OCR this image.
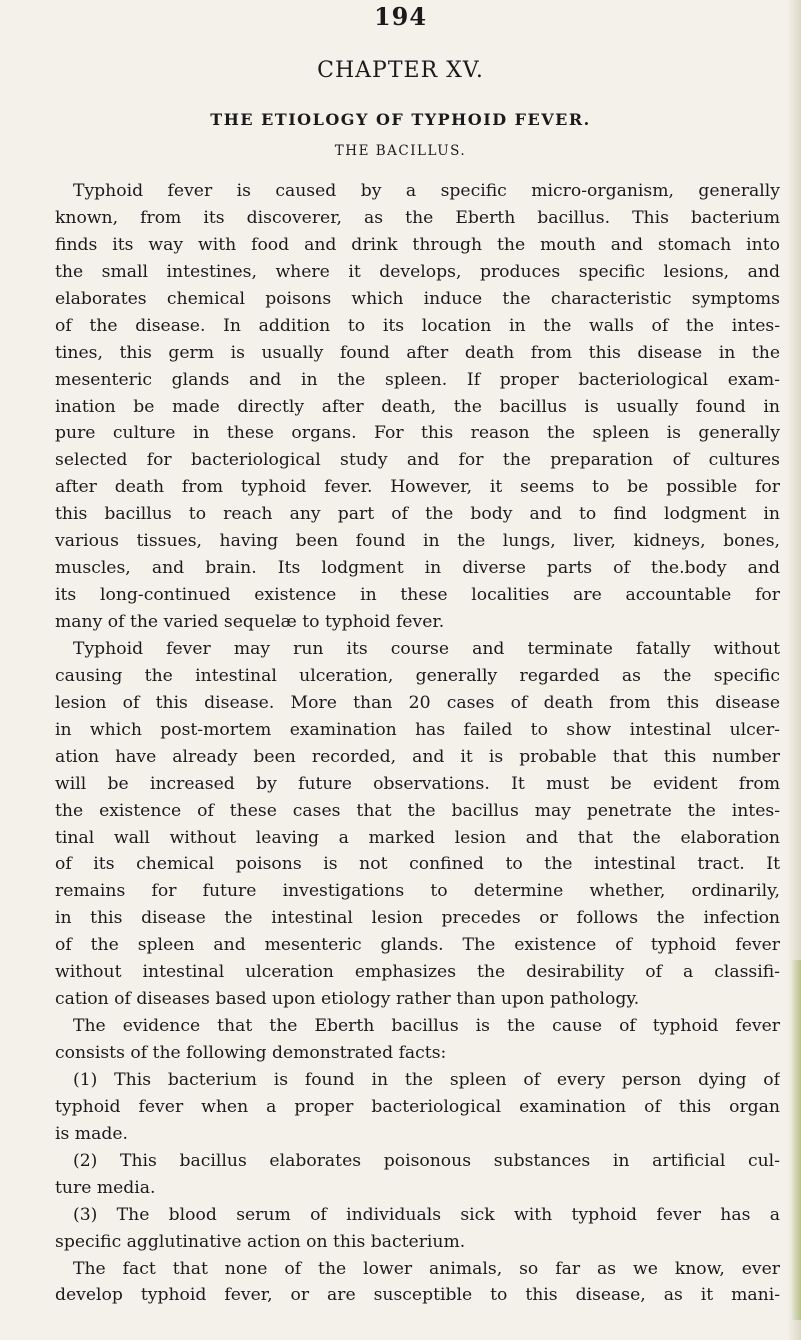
194
CHAPTER XV.
THE ETIOLOGY OF TYPHOID FEVER.
THE BACILLUS.
Typhoid fever is caused by a specific micro-organism, generally
known, from its discoverer, as the Eberth bacillus. This bacterium
finds its way with food and drink through the mouth and stomach into
the small intestines, where it develops, produces specific lesions, and
elaborates chemical poisons which induce the characteristic symptoms
of the disease. In addition to its location in the walls of the intes-
tines, this germ is usually found after death from this disease in the
mesenteric glands and in the spleen. If proper bacteriological exam-
ination be made directly after death, the bacillus is usually found in
pure culture in these organs. For this reason the spleen is generally
selected for bacteriological study and for the preparation of cultures
after death from typhoid fever. However, it seems to be possible for
this bacillus to reach any part of the body and to find lodgment in
various tissues, having been found in the lungs, liver, kidneys, bones,
muscles, and brain. Its lodgment in diverse parts of the.body and
its long-continued existence in these localities are accountable for
many of the varied sequelæ to typhoid fever.
Typhoid fever may run its course and terminate fatally without
causing the intestinal ulceration, generally regarded as the specific
lesion of this disease. More than 20 cases of death from this disease
in which post-mortem examination has failed to show intestinal ulcer-
ation have already been recorded, and it is probable that this number
will be increased by future observations. It must be evident from
the existence of these cases that the bacillus may penetrate the intes-
tinal wall without leaving a marked lesion and that the elaboration
of its chemical poisons is not confined to the intestinal tract. It
remains for future investigations to determine whether, ordinarily,
in this disease the intestinal lesion precedes or follows the infection
of the spleen and mesenteric glands. The existence of typhoid fever
without intestinal ulceration emphasizes the desirability of a classifi-
cation of diseases based upon etiology rather than upon pathology.
The evidence that the Eberth bacillus is the cause of typhoid fever
consists of the following demonstrated facts:
(1) This bacterium is found in the spleen of every person dying of
typhoid fever when a proper bacteriological examination of this organ
is made.
(2) This bacillus elaborates poisonous substances in artificial cul-
ture media.
(3) The blood serum of individuals sick with typhoid fever has a
specific agglutinative action on this bacterium.
The fact that none of the lower animals, so far as we know, ever
develop typhoid fever, or are susceptible to this disease, as it mani-
